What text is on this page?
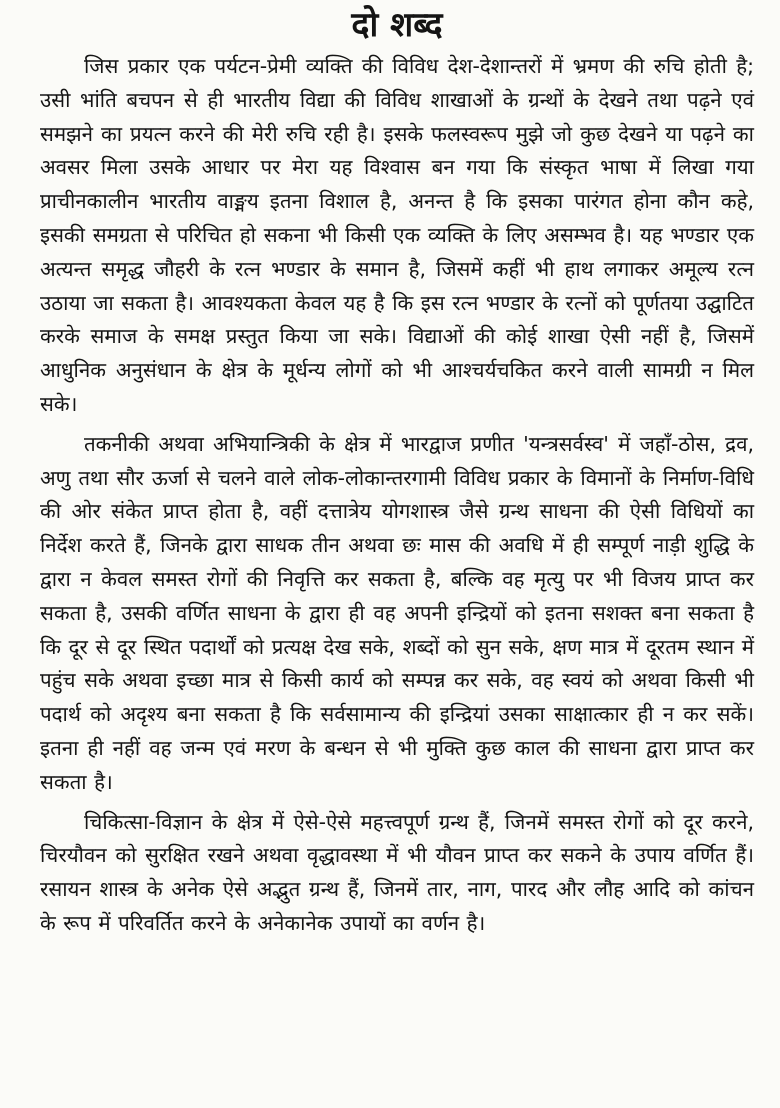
दो शब्द

जिस प्रकार एक पर्यटन-प्रेमी व्यक्ति की विविध देश-देशान्तरों में भ्रमण की रुचि होती है; उसी भांति बचपन से ही भारतीय विद्या की विविध शाखाओं के ग्रन्थों के देखने तथा पढ़ने एवं समझने का प्रयत्न करने की मेरी रुचि रही है। इसके फलस्वरूप मुझे जो कुछ देखने या पढ़ने का अवसर मिला उसके आधार पर मेरा यह विश्वास बन गया कि संस्कृत भाषा में लिखा गया प्राचीनकालीन भारतीय वाङ्मय इतना विशाल है, अनन्त है कि इसका पारंगत होना कौन कहे, इसकी समग्रता से परिचित हो सकना भी किसी एक व्यक्ति के लिए असम्भव है। यह भण्डार एक अत्यन्त समृद्ध जौहरी के रत्न भण्डार के समान है, जिसमें कहीं भी हाथ लगाकर अमूल्य रत्न उठाया जा सकता है। आवश्यकता केवल यह है कि इस रत्न भण्डार के रत्नों को पूर्णतया उद्घाटित करके समाज के समक्ष प्रस्तुत किया जा सके। विद्याओं की कोई शाखा ऐसी नहीं है, जिसमें आधुनिक अनुसंधान के क्षेत्र के मूर्धन्य लोगों को भी आश्चर्यचकित करने वाली सामग्री न मिल सके।

तकनीकी अथवा अभियान्त्रिकी के क्षेत्र में भारद्वाज प्रणीत 'यन्त्रसर्वस्व' में जहाँ-ठोस, द्रव, अणु तथा सौर ऊर्जा से चलने वाले लोक-लोकान्तरगामी विविध प्रकार के विमानों के निर्माण-विधि की ओर संकेत प्राप्त होता है, वहीं दत्तात्रेय योगशास्त्र जैसे ग्रन्थ साधना की ऐसी विधियों का निर्देश करते हैं, जिनके द्वारा साधक तीन अथवा छः मास की अवधि में ही सम्पूर्ण नाड़ी शुद्धि के द्वारा न केवल समस्त रोगों की निवृत्ति कर सकता है, बल्कि वह मृत्यु पर भी विजय प्राप्त कर सकता है, उसकी वर्णित साधना के द्वारा ही वह अपनी इन्द्रियों को इतना सशक्त बना सकता है कि दूर से दूर स्थित पदार्थों को प्रत्यक्ष देख सके, शब्दों को सुन सके, क्षण मात्र में दूरतम स्थान में पहुंच सके अथवा इच्छा मात्र से किसी कार्य को सम्पन्न कर सके, वह स्वयं को अथवा किसी भी पदार्थ को अदृश्य बना सकता है कि सर्वसामान्य की इन्द्रियां उसका साक्षात्कार ही न कर सकें। इतना ही नहीं वह जन्म एवं मरण के बन्धन से भी मुक्ति कुछ काल की साधना द्वारा प्राप्त कर सकता है।

चिकित्सा-विज्ञान के क्षेत्र में ऐसे-ऐसे महत्त्वपूर्ण ग्रन्थ हैं, जिनमें समस्त रोगों को दूर करने, चिरयौवन को सुरक्षित रखने अथवा वृद्धावस्था में भी यौवन प्राप्त कर सकने के उपाय वर्णित हैं। रसायन शास्त्र के अनेक ऐसे अद्भुत ग्रन्थ हैं, जिनमें तार, नाग, पारद और लौह आदि को कांचन के रूप में परिवर्तित करने के अनेकानेक उपायों का वर्णन है।
